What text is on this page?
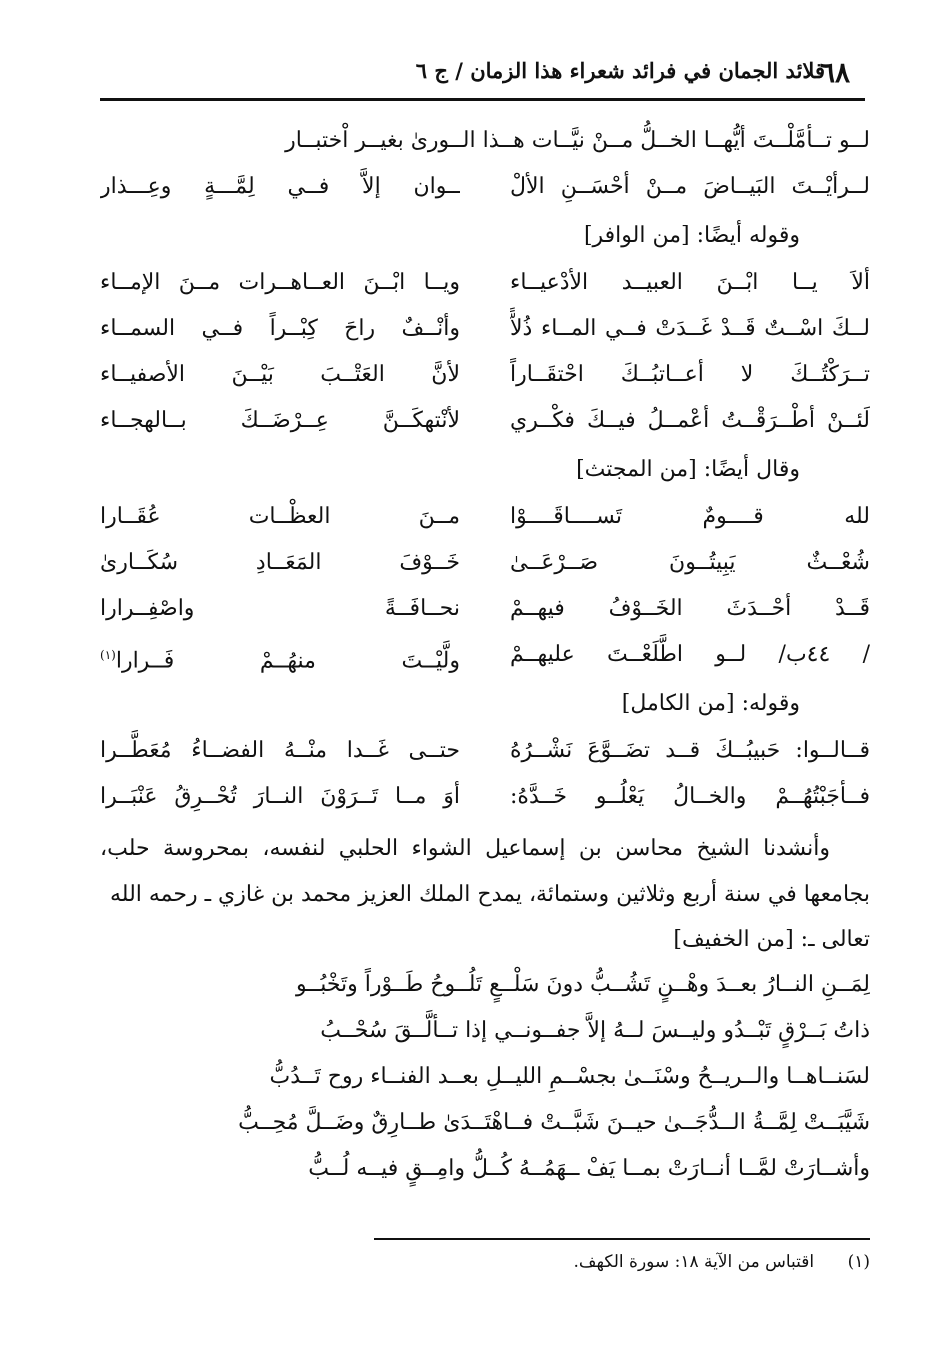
٦٨
قلائد الجمان في فرائد شعراء هذا الزمان / ج ٦
لــو تــأمَّلْــتَ أيُّهــا الخــلُّ مــنْ نيَّــات هــذا الــورىٰ بغيــر اْختبــار
لــرأيْــتَ البَيــاضَ مــنْ أحْسَــنِ الألْ
ــوان إلاَّ فــي لِمَّـــةٍ وعِـــذار
وقوله أيضًا: [من الوافر]
ألاَ يــا ابْــنَ العبيــد الأدْعيــاء
ويــا ابْــنَ العــاهــرات مــنَ الإمــاء
لــكَ اسْــتٌ قَــدْ غَــدَتْ فــي المــاء ذُلاًّ
وأنْــفٌ راحَ كِبْــراً فــي السمــاء
تــرَكْتُــكَ لا أعــاتبُــكَ احْتقَــاراً
لأنَّ العَتْــبَ بَيْــنَ الأصفيــاء
لَئــنْ أطْــرَقْــتُ أعْمــلُ فيــكَ فكْــري
لأنْتهكَــنَّ عِــرْضَــكَ بــالهجــاء
وقال أيضًا: [من المجتث]
لله قــــومٌ تَســــاقَــــوْا
مــنَ العظْــات عُقَــارا
شُعْــثٌ يَبِيتُــونَ صَــرْعَــىٰ
خَــوْفَ المَعَــادِ سُكَــارىٰ
قَــدْ أحْــدَثَ الخَــوْفُ فيهــمْ
نحــافَــةً واصْفِــرارا
/ ٤٤ب/ لــو اطَّلَعْــتَ عليهــمْ
ولَّيْــتَ منهُــمْ فَــرارا$^{(١)}$
وقوله: [من الكامل]
قــالــوا: حَبيبُــكَ قــد تضَــوَّعَ نَشْــرُهُ
حتــى غَــدا منْــهُ الفضــاءُ مُعَطَّــرا
فــأجَبْتُهُــمْ والخــالُ يَعْلُــو خَــدَّهُ:
أوَ مــا تَــرَوْنَ النــارَ تُحْــرِقُ عَنْبَــرا
وأنشدنا الشيخ محاسن بن إسماعيل الشواء الحلبي لنفسه، بمحروسة حلب، بجامعها في سنة أربع وثلاثين وستمائة، يمدح الملك العزيز محمد بن غازي ـ رحمه الله
تعالى ـ: [من الخفيف]
لِمَــنِ النــارُ بعــدَ وهْــنٍ تَشُــبُّ دونَ سَلْــعٍ تَلُــوحُ طَــوْراً وتَخْبُــو
ذاتُ بَــرْقٍ تَبْــدُو وليــسَ لــهُ إلاَّ جفــونــي إذا تــألَّــقَ سُحْــبُ
لسَنــاهــا والــريــحُ وسْنَــىٰ بجسْــمِ الليــلِ بعــد الفنــاء روح تَــدُبُّ
شَيَّبَــتْ لِمَّــةُ الــدُّجَــىٰ حيــنَ شَبَّــتْ فــاهْتَــدَىٰ طــارِقٌ وضَــلَّ مُحِــبُّ
وأشــارَتْ لمَّــا أنــارَتْ بمــا يَفْ ــهَمُــهُ كُــلُّ وامِــقٍ فيــه لُــبُّ
(١) اقتباس من الآية ١٨: سورة الكهف.
